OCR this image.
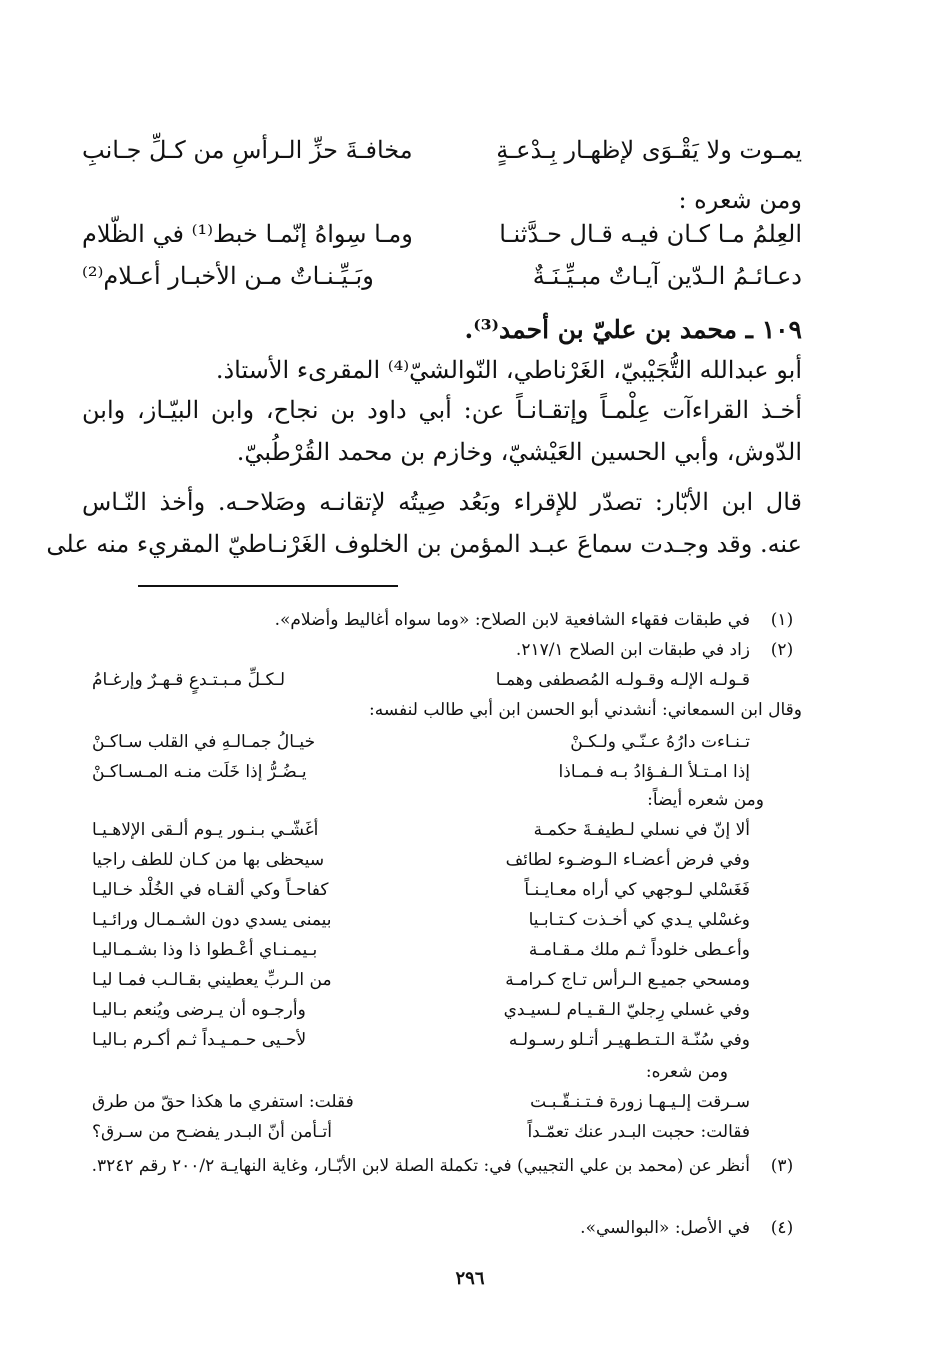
يمـوت ولا يَقْـوَى لإظهـار بِـدْعـةٍ
مخافـةَ حزِّ الـرأسِ من كـلِّ جـانبِ
ومن شعره :
العِلمُ مـا كـان فيـه قـال حـدَّثنـا
ومـا سِواهُ إنّمـا خبط⁽¹⁾ في الظّلام
دعـائـمُ الـدّين آيـاتٌ مبـيِّـنَـةٌ
وبَـيِّـنـاتٌ مـن الأخبـار أعـلام⁽²⁾
١٠٩ ـ محمد بن عليّ بن أحمد⁽³⁾.
أبو عبدالله التُّجَيْبيّ، الغَرْناطي، النّوالشيّ⁽⁴⁾ المقرىء الأستاذ.
أخـذ القراءآت عِلْمـاً وإتقـانـاً عن: أبي داود بن نجاح، وابن البيّـاز، وابن
الدّوش، وأبي الحسين العَيْشيّ، وخازم بن محمد القُرْطُبيّ.
قال ابن الأبّار: تصدّر للإقراء وبَعُد صِيتُه لإتقانـه وصَلاحـه. وأخذ النّـاس
عنه. وقد وجـدت سماعَ عبـد المؤمن بن الخلوف الغَرْنـاطيّ المقريء منه على
(١)
في طبقات فقهاء الشافعية لابن الصلاح: «وما سواه أغاليط وأضلام».
(٢)
زاد في طبقات ابن الصلاح ٢١٧/١.
قـولـه الإلـه وقـولـه المُصطفى وهمـا
لـكـلِّ مـبـتـدعٍ قـهـرٌ وإرغـامُ
وقال ابن السمعاني: أنشدني أبو الحسن ابن أبي طالب لنفسه:
تـنـاءت دارُهُ عـنّـي ولـكـنْ
خيـالُ جمـالـهِ في القلب سـاكـنْ
إذا امـتـلأ الـفـؤادُ بـه فـمـاذا
يـضُـرُّ إذا خَلَت منـه المـسـاكـنْ
ومن شعره أيضاً:
ألا إنّ في نسلي لـطيفـةَ حكمـة
أغَشّـي بـنـور يـوم ألـقى الإلاهـيـا
وفي فرض أعضـاء الـوضـوء لطائف
سيحظى بها من كـان للطف راجيا
فَغَسْلي لـوجهي كي أراه معـايـنـاً
كفاحـاً وكي ألقـاه في الخُلْد خـاليـا
وغسْلي يـدي كي أخـذت كـتـابـيا
بيمنى يسدي دون الشـمـال ورائـيـا
وأعـطى خلوداً ثـم ملك مـقـامـة
بـيمـنـاي أعْـطوا ذا وذا بشـمـاليـا
ومسحي جميـع الـرأس تـاج كـرامـة
من الـربِّ يعطيني بقـالـب فمـا ليـا
وفي غسلي رِجليّ الـقـيـام لـسيـدي
وأرجـوه أن يـرضى ويُنعم بـاليـا
وفي سُنّـة الـتـطـهيـر أتـلو رسـولـه
لأحـيى حـمـيـداً ثـم أكـرم بـاليـا
ومن شعره:
سـرقت إلـيـهـا زورة فـتـنـقّـبـت
فقلت: استفري ما هكذا حقّ من طرق
فقالت: حجبت البـدر عنك تعمّـداً
أتـأمن أنّ البـدر يفضـح من سـرق؟
(٣)
أنظر عن (محمد بن علي التجيبي) في: تكملة الصلة لابن الأبّـار، وغاية النهايـة ٢٠٠/٢ رقم ٣٢٤٢.
(٤)
في الأصل: «البوالسي».
٢٩٦
